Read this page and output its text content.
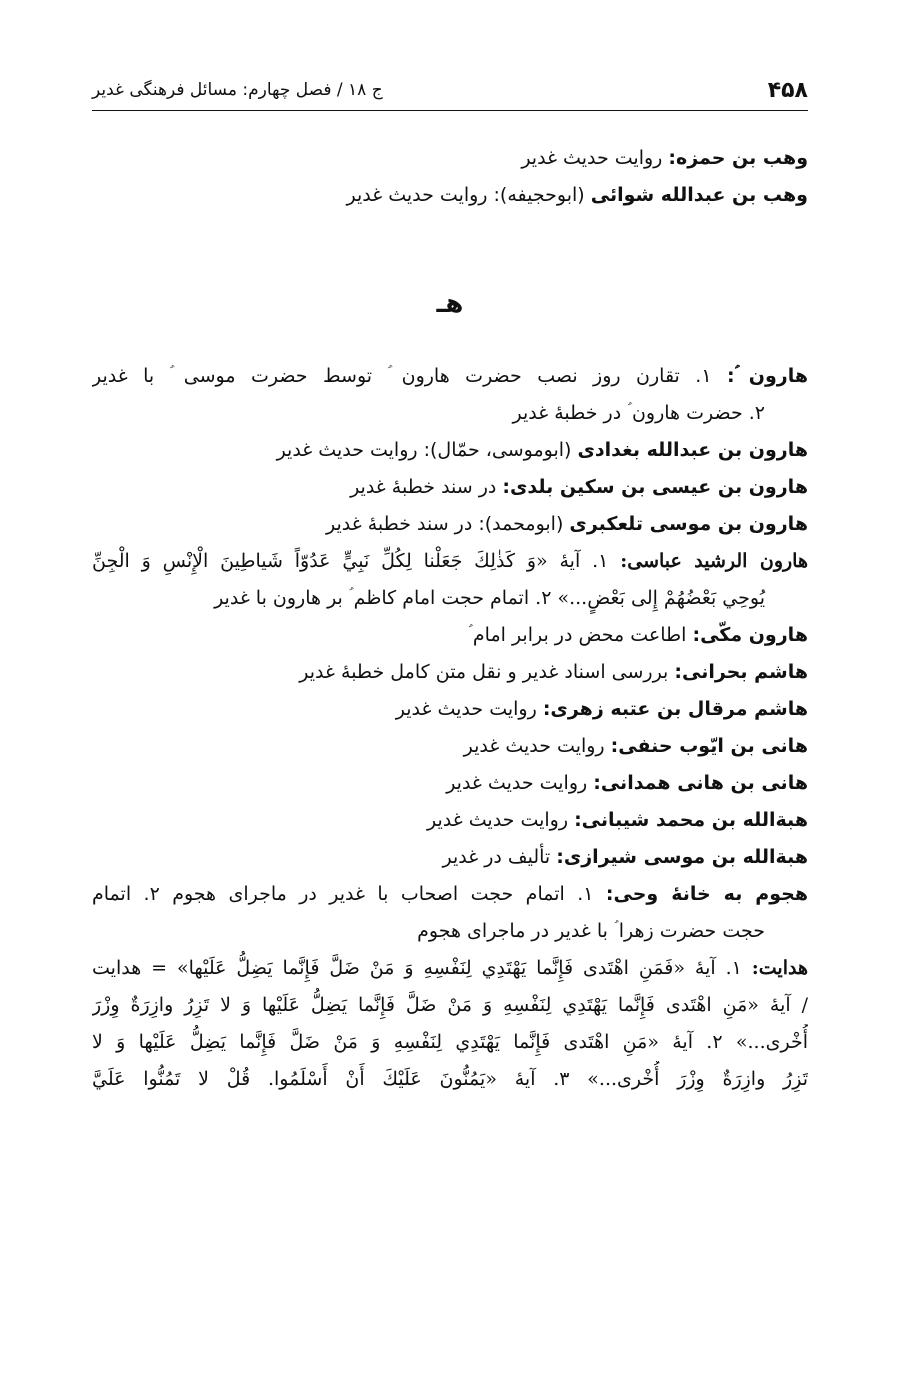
۴۵۸
ج ۱۸ / فصل چهارم: مسائل فرهنگی غدیر
وهب بن حمزه: روایت حدیث غدیر
وهب بن عبدالله شوائی (ابوحجیفه): روایت حدیث غدیر
هـ
هارون ؑ: ۱. تقارن روز نصب حضرت هارون ؑ توسط حضرت موسی ؑ با غدیر
۲. حضرت هارون ؑ در خطبهٔ غدیر
هارون بن عبدالله بغدادی (ابوموسی، حمّال): روایت حدیث غدیر
هارون بن عیسی بن سکین بلدی: در سند خطبهٔ غدیر
هارون بن موسی تلعکبری (ابومحمد): در سند خطبهٔ غدیر
هارون الرشید عباسی: ۱. آیهٔ «وَ كَذٰلِكَ جَعَلْنا لِكُلِّ نَبِيٍّ عَدُوّاً شَياطِينَ الْإِنْسِ وَ الْجِنِّ
يُوحِي بَعْضُهُمْ إِلى بَعْضٍ...» ۲. اتمام حجت امام کاظم ؑ بر هارون با غدیر
هارون مکّی: اطاعت محض در برابر امام ؑ
هاشم بحرانی: بررسی اسناد غدیر و نقل متن کامل خطبهٔ غدیر
هاشم مرقال بن عتبه زهری: روایت حدیث غدیر
هانی بن ایّوب حنفی: روایت حدیث غدیر
هانی بن هانی همدانی: روایت حدیث غدیر
هبةالله بن محمد شیبانی: روایت حدیث غدیر
هبةالله بن موسی شیرازی: تألیف در غدیر
هجوم به خانهٔ وحی: ۱. اتمام حجت اصحاب با غدیر در ماجرای هجوم ۲. اتمام
حجت حضرت زهرا ؑ با غدیر در ماجرای هجوم
هدایت: ۱. آیهٔ «فَمَنِ اهْتَدى فَإِنَّما يَهْتَدِي لِنَفْسِهِ وَ مَنْ ضَلَّ فَإِنَّما يَضِلُّ عَلَيْها» = هدایت
/ آیهٔ «مَنِ اهْتَدى فَإِنَّما يَهْتَدِي لِنَفْسِهِ وَ مَنْ ضَلَّ فَإِنَّما يَضِلُّ عَلَيْها وَ لا تَزِرُ وازِرَةٌ وِزْرَ
أُخْرى...» ۲. آیهٔ «مَنِ اهْتَدى فَإِنَّما يَهْتَدِي لِنَفْسِهِ وَ مَنْ ضَلَّ فَإِنَّما يَضِلُّ عَلَيْها وَ لا
تَزِرُ وازِرَةٌ وِزْرَ أُخْرى...» ۳. آیهٔ «يَمُنُّونَ عَلَيْكَ أَنْ أَسْلَمُوا. قُلْ لا تَمُنُّوا عَلَيَّ
